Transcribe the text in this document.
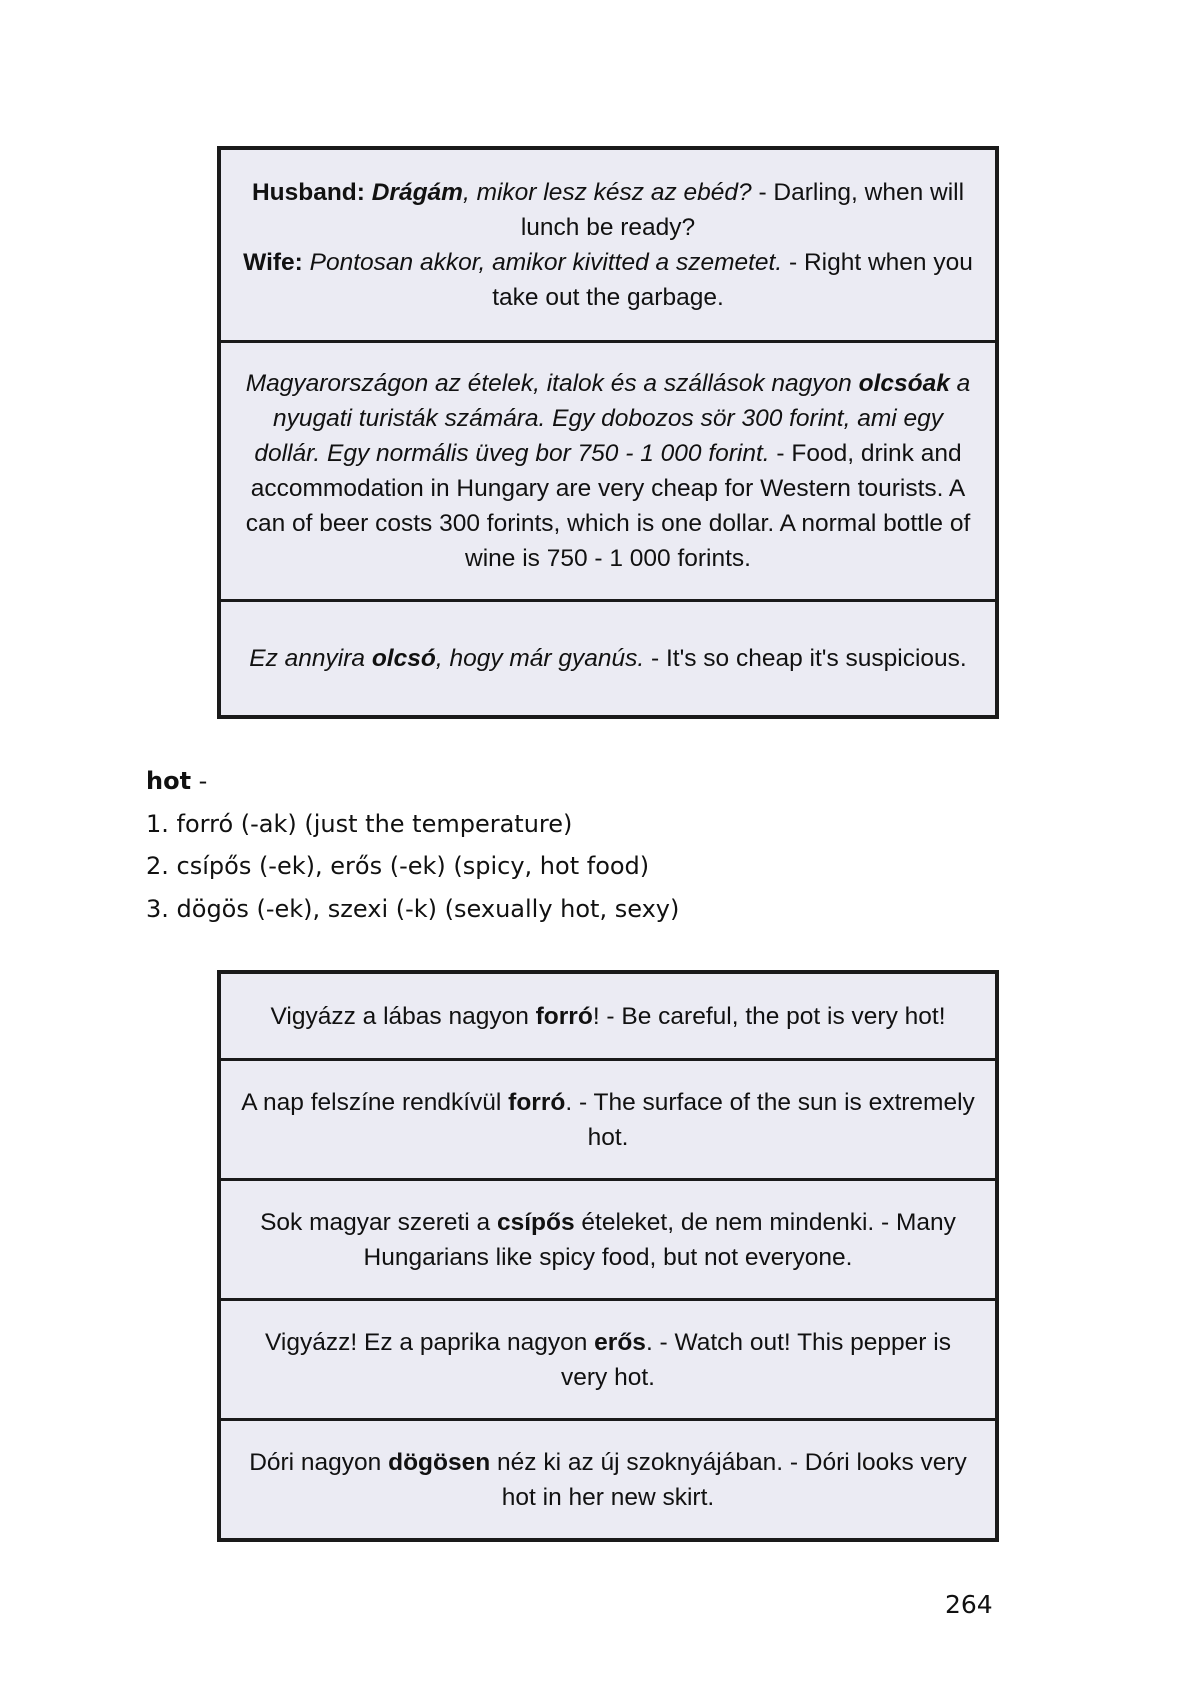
Husband: Drágám, mikor lesz kész az ebéd? - Darling, when will lunch be ready?
Wife: Pontosan akkor, amikor kivitted a szemetet. - Right when you take out the garbage.

Magyarországon az ételek, italok és a szállások nagyon olcsóak a nyugati turisták számára. Egy dobozos sör 300 forint, ami egy dollár. Egy normális üveg bor 750 - 1 000 forint. - Food, drink and accommodation in Hungary are very cheap for Western tourists. A can of beer costs 300 forints, which is one dollar. A normal bottle of wine is 750 - 1 000 forints.

Ez annyira olcsó, hogy már gyanús. - It's so cheap it's suspicious.

hot -
1. forró (-ak) (just the temperature)
2. csípős (-ek), erős (-ek) (spicy, hot food)
3. dögös (-ek), szexi (-k) (sexually hot, sexy)

Vigyázz a lábas nagyon forró! - Be careful, the pot is very hot!

A nap felszíne rendkívül forró. - The surface of the sun is extremely hot.

Sok magyar szereti a csípős ételeket, de nem mindenki. - Many Hungarians like spicy food, but not everyone.

Vigyázz! Ez a paprika nagyon erős. - Watch out! This pepper is very hot.

Dóri nagyon dögösen néz ki az új szoknyájában. - Dóri looks very hot in her new skirt.

264
